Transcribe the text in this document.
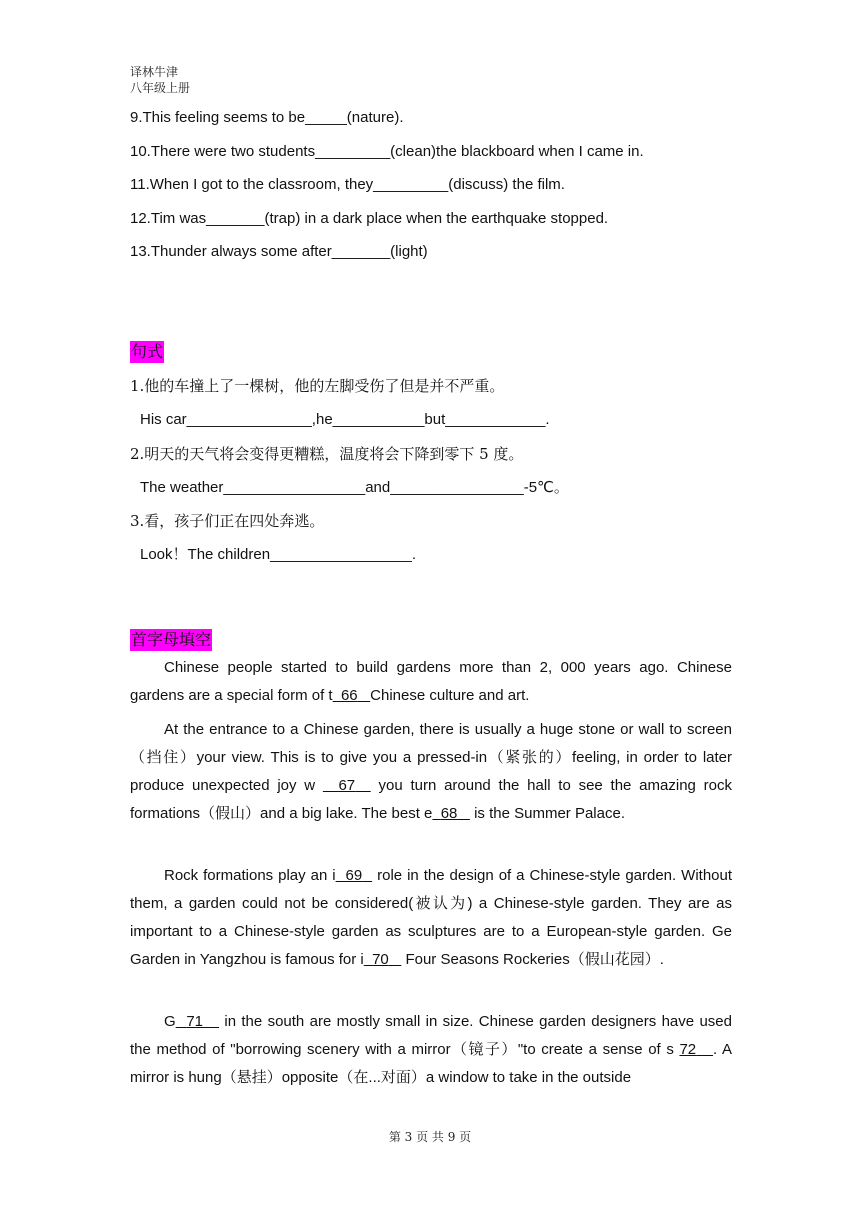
译林牛津
八年级上册
9.This feeling seems to be_____(nature).
10.There were two students_________(clean)the blackboard when I came in.
11.When I got to the classroom, they_________(discuss) the film.
12.Tim was_______(trap) in a dark place when the earthquake stopped.
13.Thunder always some after_______(light)
句式
1.他的车撞上了一棵树，他的左脚受伤了但是并不严重。
His car_______________,he___________but____________.
2.明天的天气将会变得更糟糕，温度将会下降到零下 5 度。
The weather_________________and________________-5℃。
3.看，孩子们正在四处奔逃。
Look！The children_________________.
首字母填空
Chinese people started to build gardens more than 2, 000 years ago. Chinese gardens are a special form of t 66 Chinese culture and art.
At the entrance to a Chinese garden, there is usually a huge stone or wall to screen（挡住）your view. This is to give you a pressed-in（紧张的）feeling, in order to later produce unexpected joy w   67   you turn around the hall to see the amazing rock formations（假山）and a big lake. The best e 68    is the Summer Palace.
Rock formations play an i 69   role in the design of a Chinese-style garden. Without them, a garden could not be considered(被认为) a Chinese-style garden. They are as important to a Chinese-style garden as sculptures are to a European-style garden. Ge Garden in Yangzhou is famous for i 70    Four Seasons Rockeries（假山花园）.
G 71    in the south are mostly small in size. Chinese garden designers have used the method of "borrowing scenery with a mirror（镜子）"to create a sense of s 72 . A mirror is hung（悬挂）opposite（在...对面）a window to take in the outside
第 3 页 共 9 页
